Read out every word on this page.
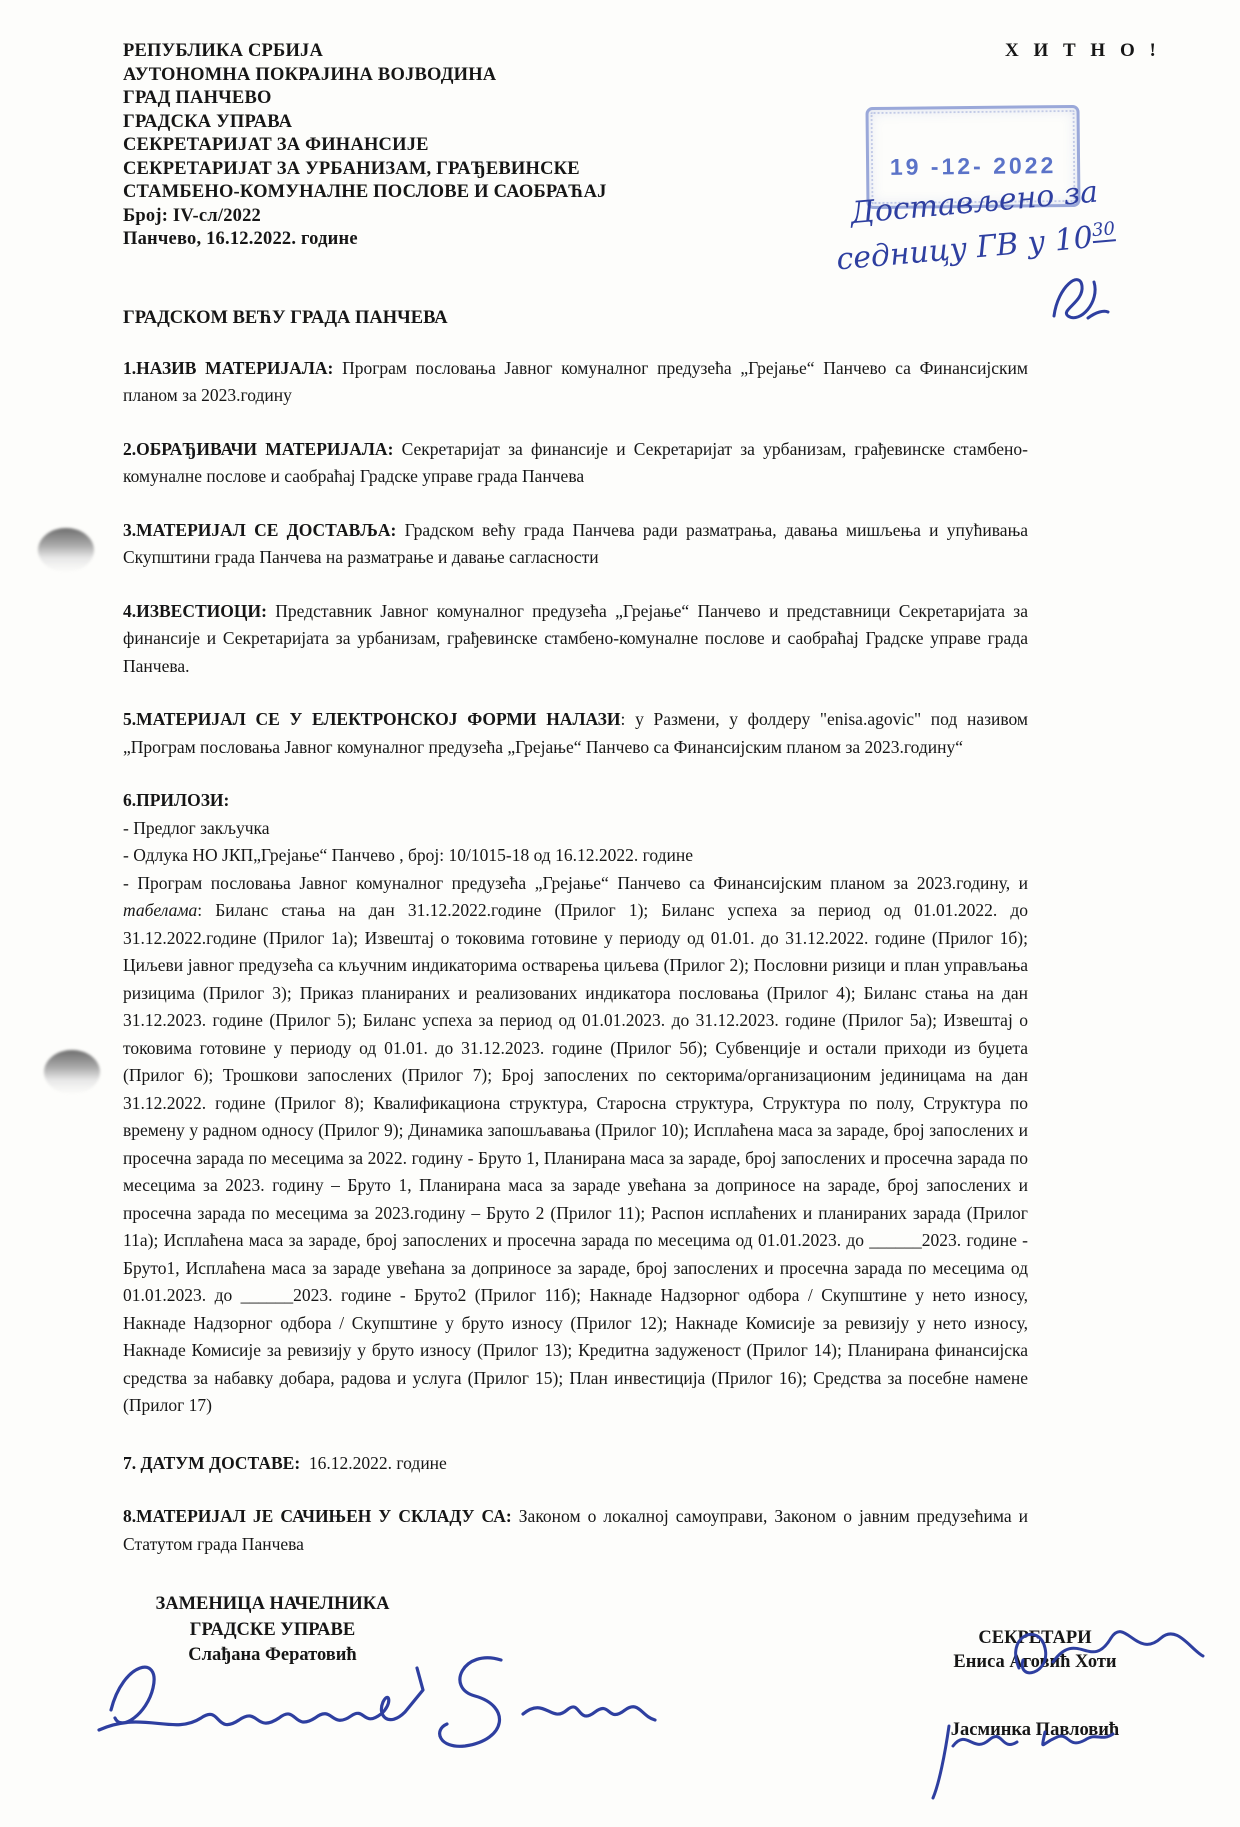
Х И Т Н О !
19 -12- 2022
Достављено за
седницу ГВ у $10^{30}$
РЕПУБЛИКА СРБИЈА
АУТОНОМНА ПОКРАЈИНА ВОЈВОДИНА
ГРАД ПАНЧЕВО
ГРАДСКА УПРАВА
СЕКРЕТАРИЈАТ ЗА ФИНАНСИЈЕ
СЕКРЕТАРИЈАТ ЗА УРБАНИЗАМ, ГРАЂЕВИНСКЕ
СТАМБЕНО-КОМУНАЛНЕ ПОСЛОВЕ И САОБРАЋАЈ
Број: IV-сл/2022
Панчево, 16.12.2022. године
ГРАДСКОМ ВЕЋУ ГРАДА ПАНЧЕВА

1.НАЗИВ МАТЕРИЈАЛА: Програм пословања Јавног комуналног предузећа „Грејање“ Панчево са Финансијским планом за 2023.годину

2.ОБРАЂИВАЧИ МАТЕРИЈАЛА: Секретаријат за финансије и Секретаријат за урбанизам, грађевинске стамбено-комуналне послове и саобраћај Градске управе града Панчева

3.МАТЕРИЈАЛ СЕ ДОСТАВЉА: Градском већу града Панчева ради разматрања, давања мишљења и упућивања Скупштини града Панчева на разматрање и давање сагласности

4.ИЗВЕСТИОЦИ: Представник Јавног комуналног предузећа „Грејање“ Панчево и представници Секретаријата за финансије и Секретаријата за урбанизам, грађевинске стамбено-комуналне послове и саобраћај Градске управе града Панчева.

5.МАТЕРИЈАЛ СЕ У ЕЛЕКТРОНСКОЈ ФОРМИ НАЛАЗИ: у Размени, у фолдеру "enisa.agovic" под називом „Програм пословања Јавног комуналног предузећа „Грејање“ Панчево са Финансијским планом за 2023.годину“

6.ПРИЛОЗИ:
- Предлог закључка
- Одлука НО ЈКП„Грејање“ Панчево , број: 10/1015-18 од 16.12.2022. године
- Програм пословања Јавног комуналног предузећа „Грејање“ Панчево са Финансијским планом за 2023.годину, и табелама: Биланс стања на дан 31.12.2022.године (Прилог 1); Биланс успеха за период од 01.01.2022. до 31.12.2022.године (Прилог 1а); Извештај о токовима готовине у периоду од 01.01. до 31.12.2022. године (Прилог 1б); Циљеви јавног предузећа са кључним индикаторима остварења циљева (Прилог 2); Пословни ризици и план управљања ризицима (Прилог 3); Приказ планираних и реализованих индикатора пословања (Прилог 4); Биланс стања на дан 31.12.2023. године (Прилог 5); Биланс успеха за период од 01.01.2023. до 31.12.2023. године (Прилог 5а); Извештај о токовима готовине у периоду од 01.01. до 31.12.2023. године (Прилог 5б); Субвенције и остали приходи из буџета (Прилог 6); Трошкови запослених (Прилог 7); Број запослених по секторима/организационим јединицама на дан 31.12.2022. године (Прилог 8); Квалификациона структура, Старосна структура, Структура по полу, Структура по времену у радном односу (Прилог 9); Динамика запошљавања (Прилог 10); Исплаћена маса за зараде, број запослених и просечна зарада по месецима за 2022. годину - Бруто 1, Планирана маса за зараде, број запослених и просечна зарада по месецима за 2023. годину – Бруто 1, Планирана маса за зараде увећана за доприносе на зараде, број запослених и просечна зарада по месецима за 2023.годину – Бруто 2 (Прилог 11); Распон исплаћених и планираних зарада (Прилог 11а); Исплаћена маса за зараде, број запослених и просечна зарада по месецима од 01.01.2023. до ______2023. године - Бруто1, Исплаћена маса за зараде увећана за доприносе за зараде, број запослених и просечна зарада по месецима од 01.01.2023. до ______2023. године - Бруто2 (Прилог 11б); Накнаде Надзорног одбора / Скупштине у нето износу, Накнаде Надзорног одбора / Скупштине у бруто износу (Прилог 12); Накнаде Комисије за ревизију у нето износу, Накнаде Комисије за ревизију у бруто износу (Прилог 13); Кредитна задуженост (Прилог 14); Планирана финансијска средства за набавку добара, радова и услуга (Прилог 15); План инвестиција (Прилог 16); Средства за посебне намене (Прилог 17)

7. ДАТУМ ДОСТАВЕ: 16.12.2022. године

8.МАТЕРИЈАЛ ЈЕ САЧИЊЕН У СКЛАДУ СА: Законом о локалној самоуправи, Законом о јавним предузећима и Статутом града Панчева

ЗАМЕНИЦА НАЧЕЛНИКА
ГРАДСКЕ УПРАВЕ
Слађана Фератовић
СЕКРЕТАРИ
Ениса Аговић Хоти
Јасминка Павловић
